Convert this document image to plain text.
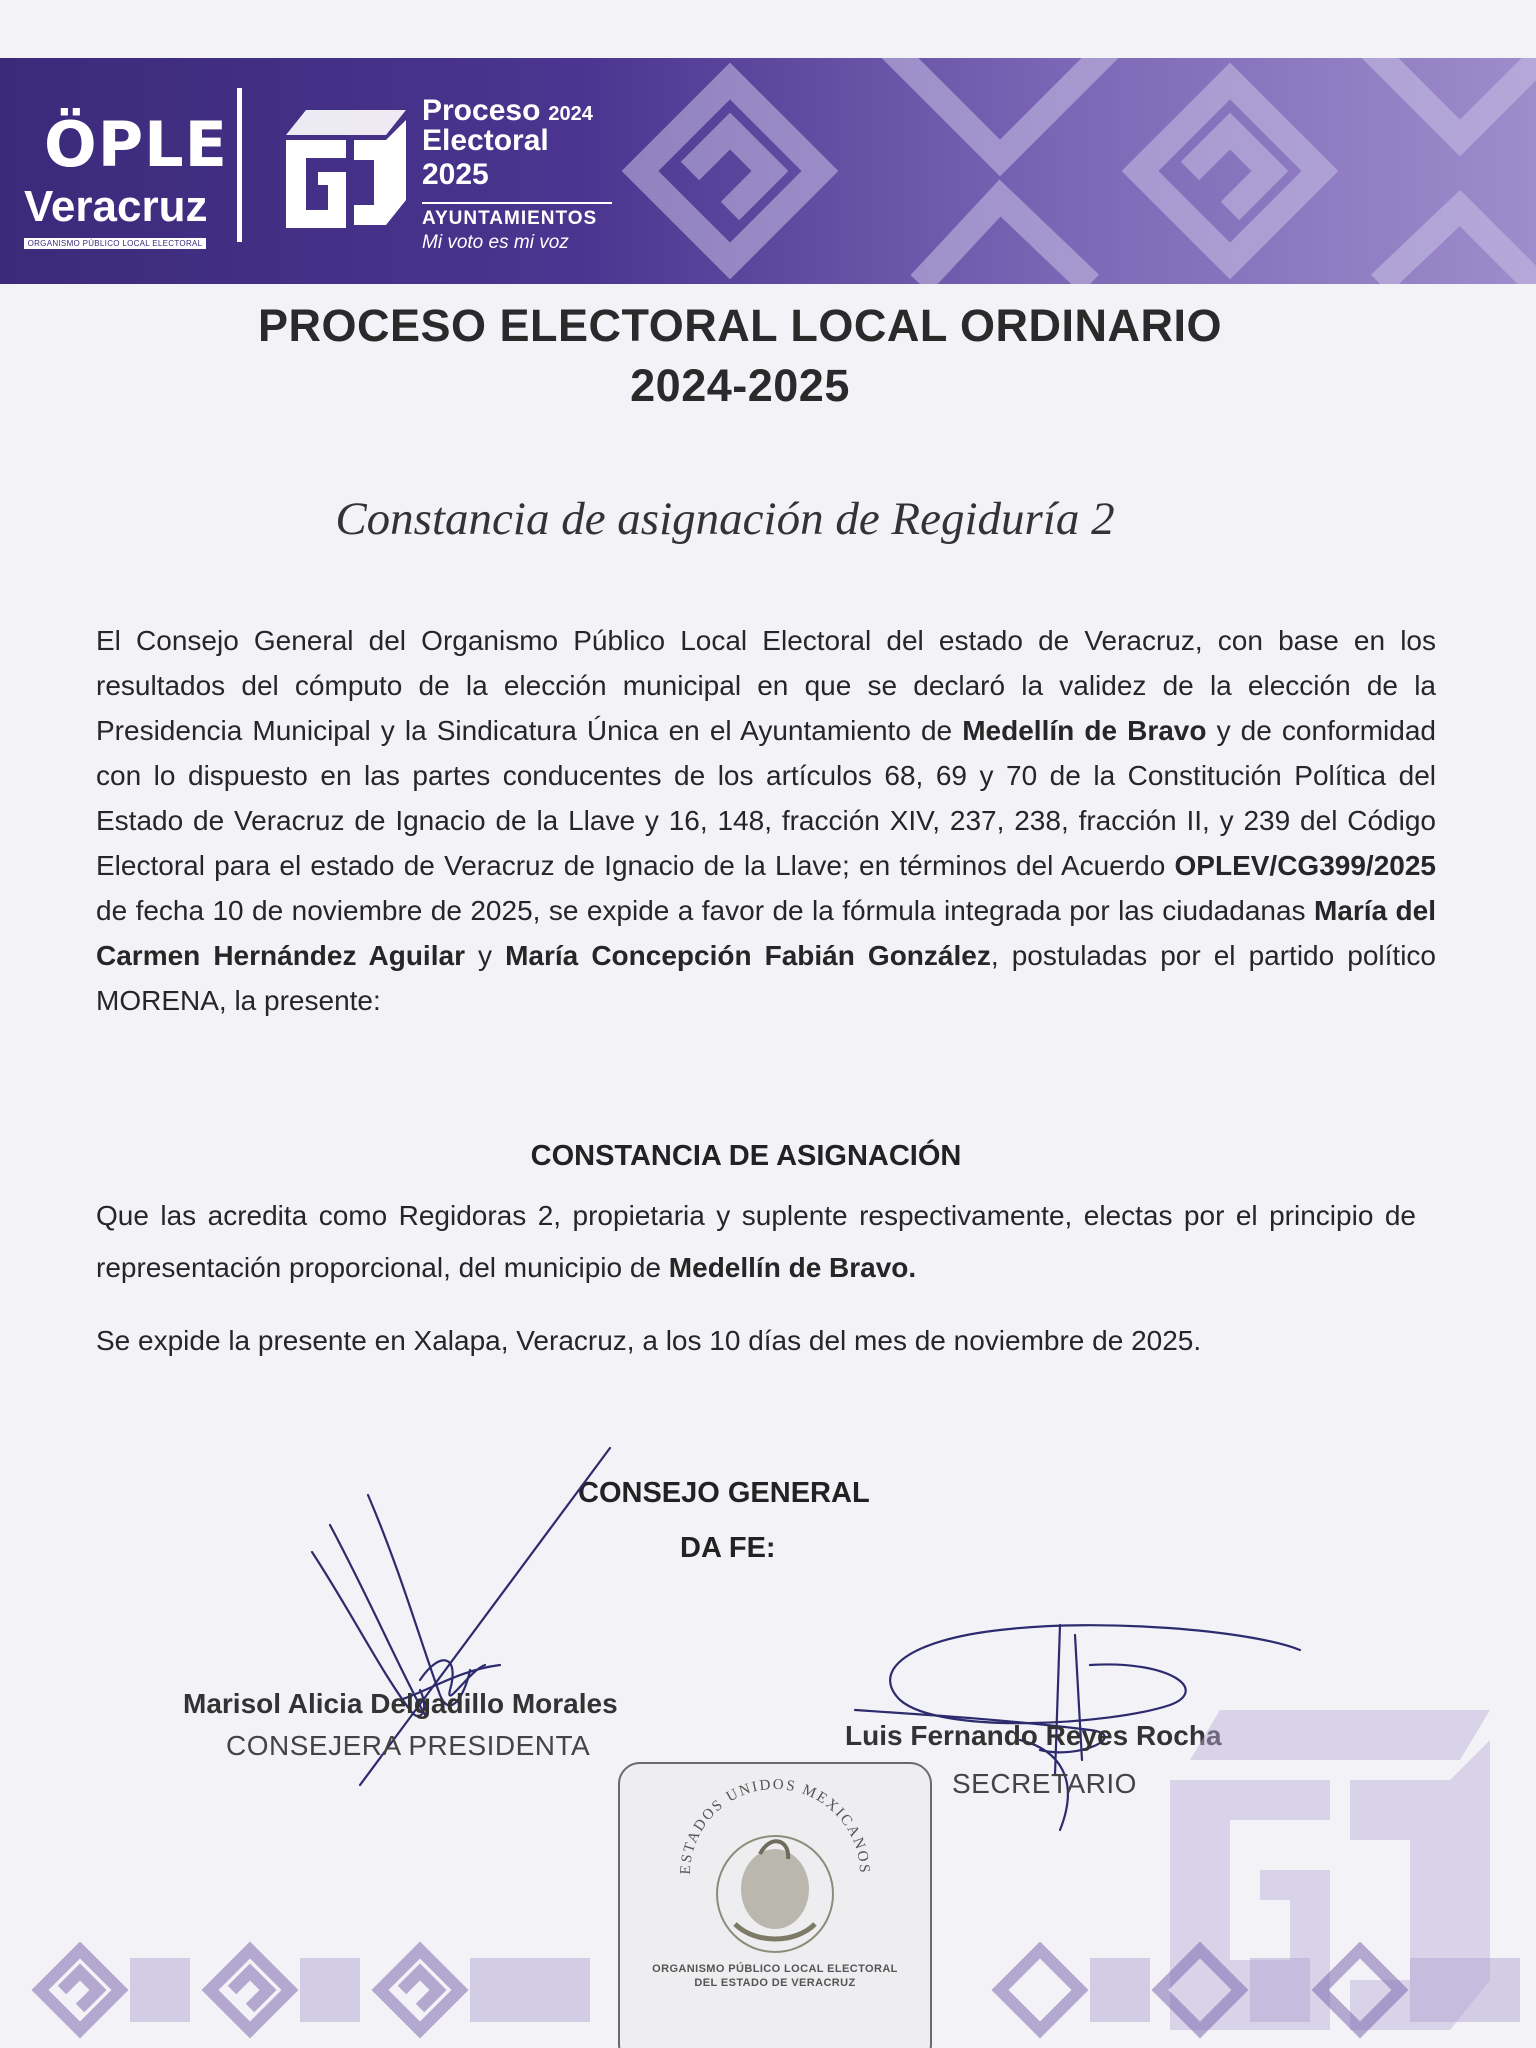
ÖPLE
Veracruz
ORGANISMO PÚBLICO LOCAL ELECTORAL
Proceso 2024
Electoral 2025
AYUNTAMIENTOS
Mi voto es mi voz
PROCESO ELECTORAL LOCAL ORDINARIO
2024-2025
Constancia de asignación de Regiduría 2

El Consejo General del Organismo Público Local Electoral del estado de Veracruz, con base en los resultados del cómputo de la elección municipal en que se declaró la validez de la elección de la Presidencia Municipal y la Sindicatura Única en el Ayuntamiento de Medellín de Bravo y de conformidad con lo dispuesto en las partes conducentes de los artículos 68, 69 y 70 de la Constitución Política del Estado de Veracruz de Ignacio de la Llave y 16, 148, fracción XIV, 237, 238, fracción II, y 239 del Código Electoral para el estado de Veracruz de Ignacio de la Llave; en términos del Acuerdo OPLEV/CG399/2025 de fecha 10 de noviembre de 2025, se expide a favor de la fórmula integrada por las ciudadanas María del Carmen Hernández Aguilar y María Concepción Fabián González, postuladas por el partido político MORENA, la presente:

CONSTANCIA DE ASIGNACIÓN
Que las acredita como Regidoras 2, propietaria y suplente respectivamente, electas por el principio de representación proporcional, del municipio de Medellín de Bravo.
Se expide la presente en Xalapa, Veracruz, a los 10 días del mes de noviembre de 2025.
CONSEJO GENERAL
DA FE:
Marisol Alicia Delgadillo Morales
CONSEJERA PRESIDENTA	Luis Fernando Reyes Rocha
SECRETARIO
ESTADOS UNIDOS MEXICANOS
ORGANISMO PÚBLICO LOCAL ELECTORAL
DEL ESTADO DE VERACRUZ
